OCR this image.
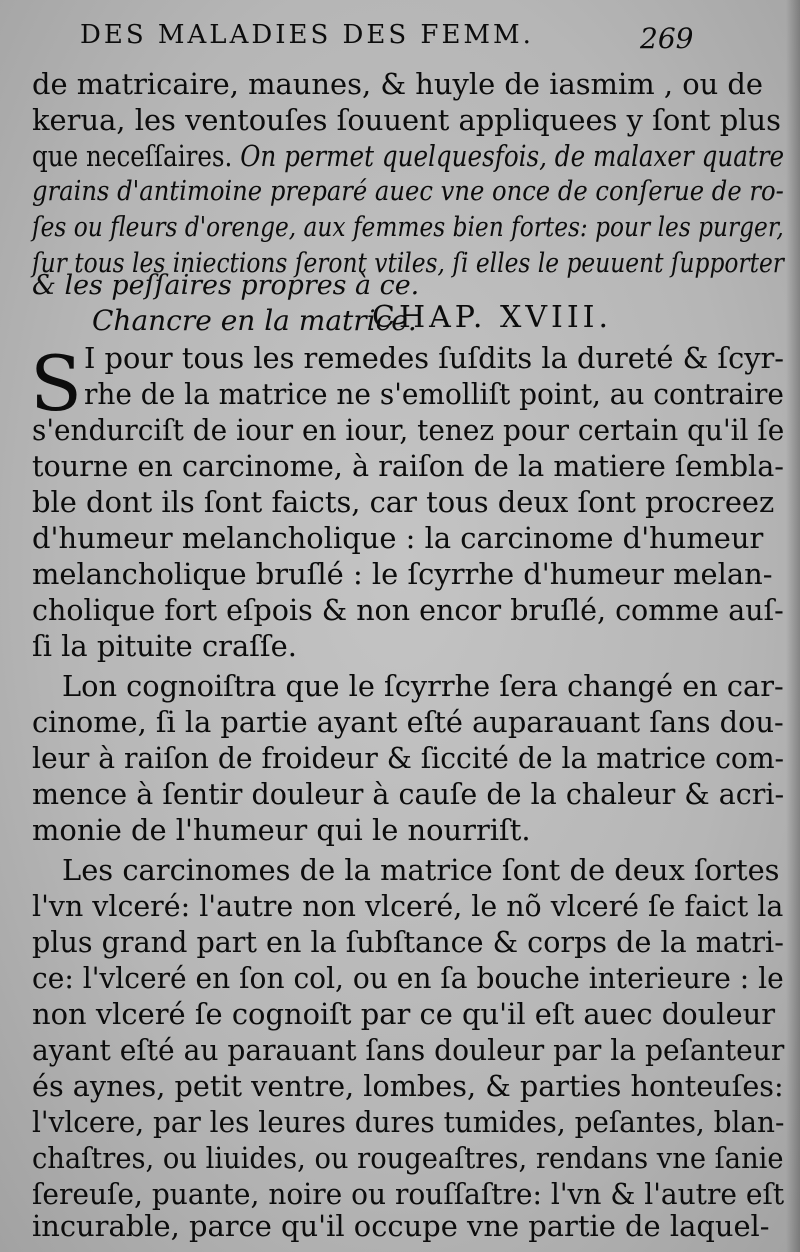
DES MALADIES DES FEMM.	269
de matricaire, maunes, & huyle de iasmim , ou de
kerua, les ventouſes ſouuent appliquees y ſont plus
que neceſſaires. On permet quelquesfois, de malaxer quatre
grains d'antimoine preparé auec vne once de conſerue de ro-
ſes ou fleurs d'orenge, aux femmes bien fortes: pour les purger,
ſur tous les iniections ſeront vtiles, ſi elles le peuuent ſupporter
& les peſſaires propres à ce.
Chancre en la matrice.
CHAP. XVIII.
S I pour tous les remedes ſuſdits la dureté & ſcyr-
rhe de la matrice ne s'emolliſt point, au contraire
s'endurciſt de iour en iour, tenez pour certain qu'il ſe
tourne en carcinome, à raiſon de la matiere ſembla-
ble dont ils ſont faicts, car tous deux ſont procreez
d'humeur melancholique : la carcinome d'humeur
melancholique bruſlé : le ſcyrrhe d'humeur melan-
cholique fort eſpois & non encor bruſlé, comme auſ-
ſi la pituite craſſe.
Lon cognoiſtra que le ſcyrrhe ſera changé en car-
cinome, ſi la partie ayant eſté auparauant ſans dou-
leur à raiſon de froideur & ſiccité de la matrice com-
mence à ſentir douleur à cauſe de la chaleur & acri-
monie de l'humeur qui le nourriſt.
Les carcinomes de la matrice ſont de deux ſortes
l'vn vlceré: l'autre non vlceré, le nõ vlceré ſe faict la
plus grand part en la ſubſtance & corps de la matri-
ce: l'vlceré en ſon col, ou en ſa bouche interieure : le
non vlceré ſe cognoiſt par ce qu'il eſt auec douleur
ayant eſté au parauant ſans douleur par la peſanteur
és aynes, petit ventre, lombes, & parties honteuſes:
l'vlcere, par les leures dures tumides, peſantes, blan-
chaſtres, ou liuides, ou rougeaſtres, rendans vne ſanie
ſereuſe, puante, noire ou rouſſaſtre: l'vn & l'autre eſt
incurable, parce qu'il occupe vne partie de laquel-
